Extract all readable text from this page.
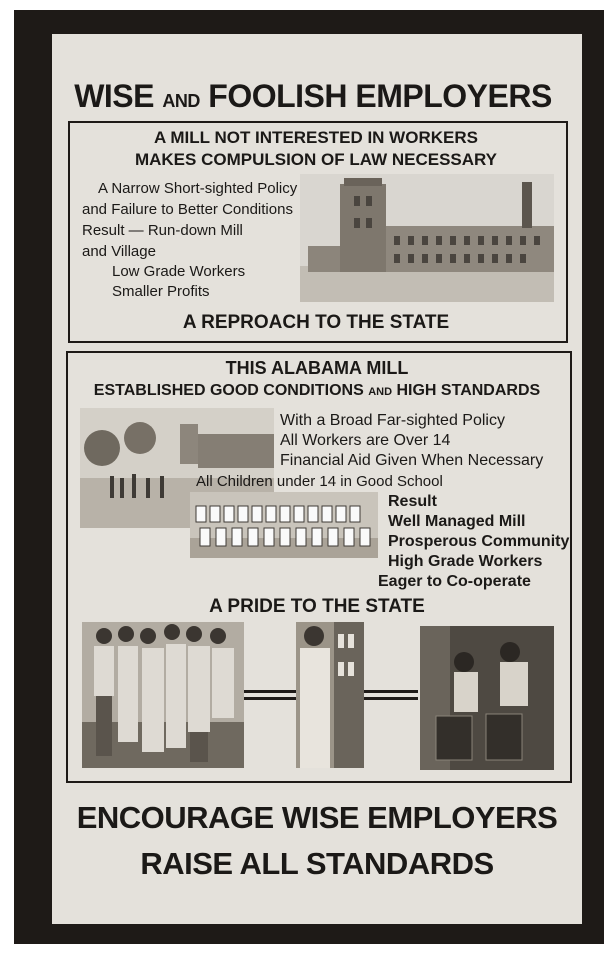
WISE AND FOOLISH EMPLOYERS
A MILL NOT INTERESTED IN WORKERS
MAKES COMPULSION OF LAW NECESSARY
A Narrow Short-sighted Policy
and Failure to Better Conditions
Result — Run-down Mill
and Village
Low Grade Workers
Smaller Profits
A REPROACH TO THE STATE
THIS ALABAMA MILL
ESTABLISHED GOOD CONDITIONS AND HIGH STANDARDS
With a Broad Far-sighted Policy
All Workers are Over 14
Financial Aid Given When Necessary
All Children under 14 in Good School
Result
Well Managed Mill
Prosperous Community
High Grade Workers
Eager to Co-operate
A PRIDE TO THE STATE
ENCOURAGE WISE EMPLOYERS
RAISE ALL STANDARDS
